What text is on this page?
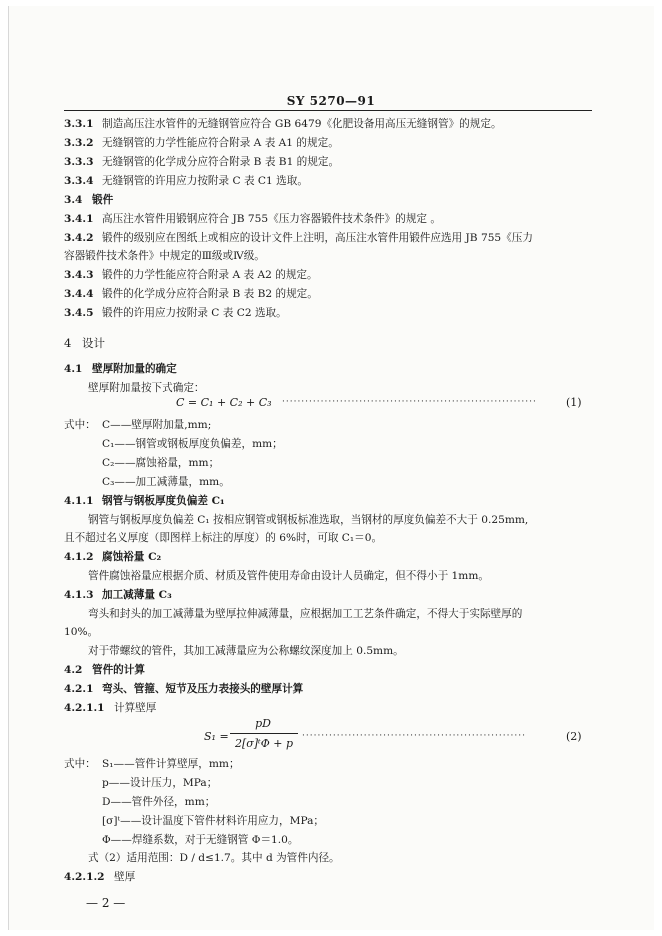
SY 5270—91
3.3.1 制造高压注水管件的无缝钢管应符合 GB 6479《化肥设备用高压无缝钢管》的规定。
3.3.2 无缝钢管的力学性能应符合附录 A 表 A1 的规定。
3.3.3 无缝钢管的化学成分应符合附录 B 表 B1 的规定。
3.3.4 无缝钢管的许用应力按附录 C 表 C1 选取。
3.4 锻件
3.4.1 高压注水管件用锻钢应符合 JB 755《压力容器锻件技术条件》的规定 。
3.4.2 锻件的级别应在图纸上或相应的设计文件上注明，高压注水管件用锻件应选用 JB 755《压力
容器锻件技术条件》中规定的Ⅲ级或Ⅳ级。
3.4.3 锻件的力学性能应符合附录 A 表 A2 的规定。
3.4.4 锻件的化学成分应符合附录 B 表 B2 的规定。
3.4.5 锻件的许用应力按附录 C 表 C2 选取。
4 设计
4.1 壁厚附加量的确定
壁厚附加量按下式确定：
C = C₁ + C₂ + C₃ ··································································	(1)
式中： C——壁厚附加量,mm;
C₁——钢管或钢板厚度负偏差，mm；
C₂——腐蚀裕量，mm；
C₃——加工减薄量，mm。
4.1.1 钢管与钢板厚度负偏差 C₁
钢管与钢板厚度负偏差 C₁ 按相应钢管或钢板标准选取，当钢材的厚度负偏差不大于 0.25mm,
且不超过名义厚度（即图样上标注的厚度）的 6%时，可取 C₁＝0。
4.1.2 腐蚀裕量 C₂
管件腐蚀裕量应根据介质、材质及管件使用寿命由设计人员确定，但不得小于 1mm。
4.1.3 加工减薄量 C₃
弯头和封头的加工减薄量为壁厚拉伸减薄量，应根据加工工艺条件确定，不得大于实际壁厚的
10%。
对于带螺纹的管件，其加工减薄量应为公称螺纹深度加上 0.5mm。
4.2 管件的计算
4.2.1 弯头、管箍、短节及压力表接头的壁厚计算
4.2.1.1 计算壁厚
S₁ =
pD
2[σ]ᵗΦ + p
··························································	(2)
式中： S₁——管件计算壁厚，mm；
p——设计压力，MPa；
D——管件外径，mm；
[σ]ᵗ——设计温度下管件材料许用应力，MPa；
Φ——焊缝系数，对于无缝钢管 Φ＝1.0。
式（2）适用范围：D / d≤1.7。其中 d 为管件内径。
4.2.1.2 壁厚
— 2 —
